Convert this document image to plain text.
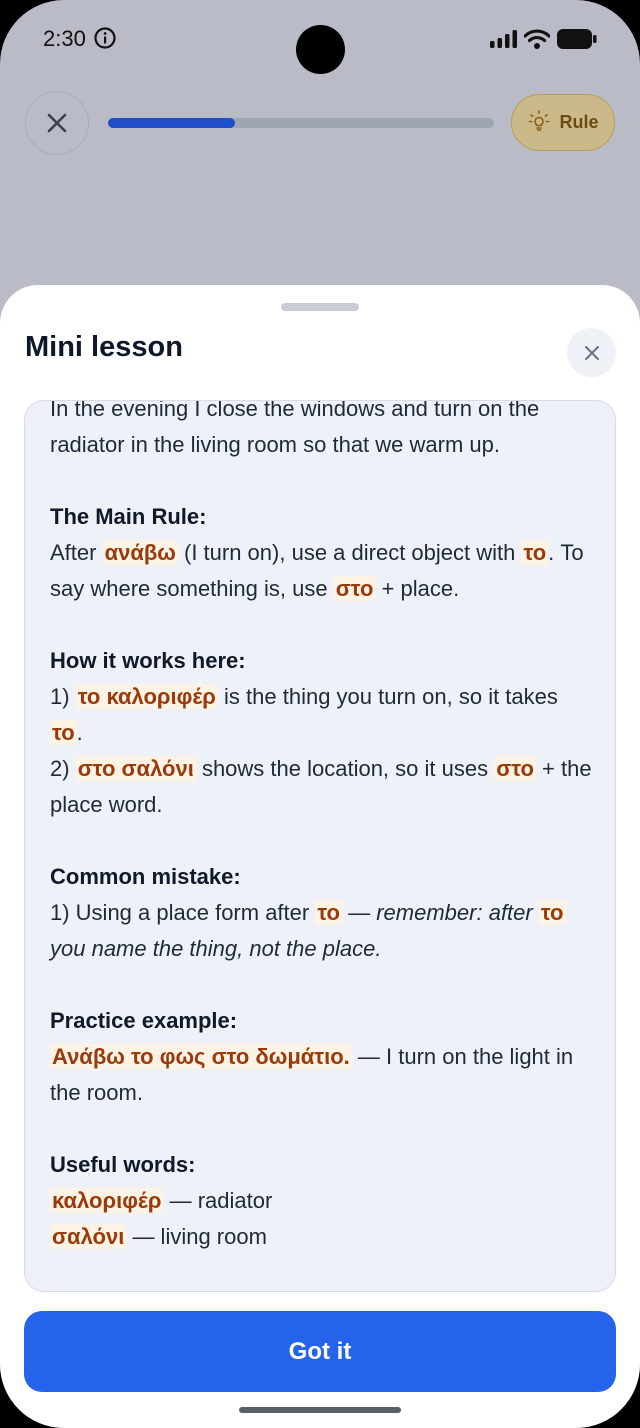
2:30
Rule
Mini lesson

In the evening I close the windows and turn on the radiator in the living room so that we warm up.

The Main Rule:
After ανάβω (I turn on), use a direct object with το. To say where something is, use στο + place.

How it works here:
1) το καλοριφέρ is the thing you turn on, so it takes το.
2) στο σαλόνι shows the location, so it uses στο + the place word.

Common mistake:
1) Using a place form after το — remember: after το you name the thing, not the place.

Practice example:
Ανάβω το φως στο δωμάτιο. — I turn on the light in the room.

Useful words:
καλοριφέρ — radiator
σαλόνι — living room

Got it
